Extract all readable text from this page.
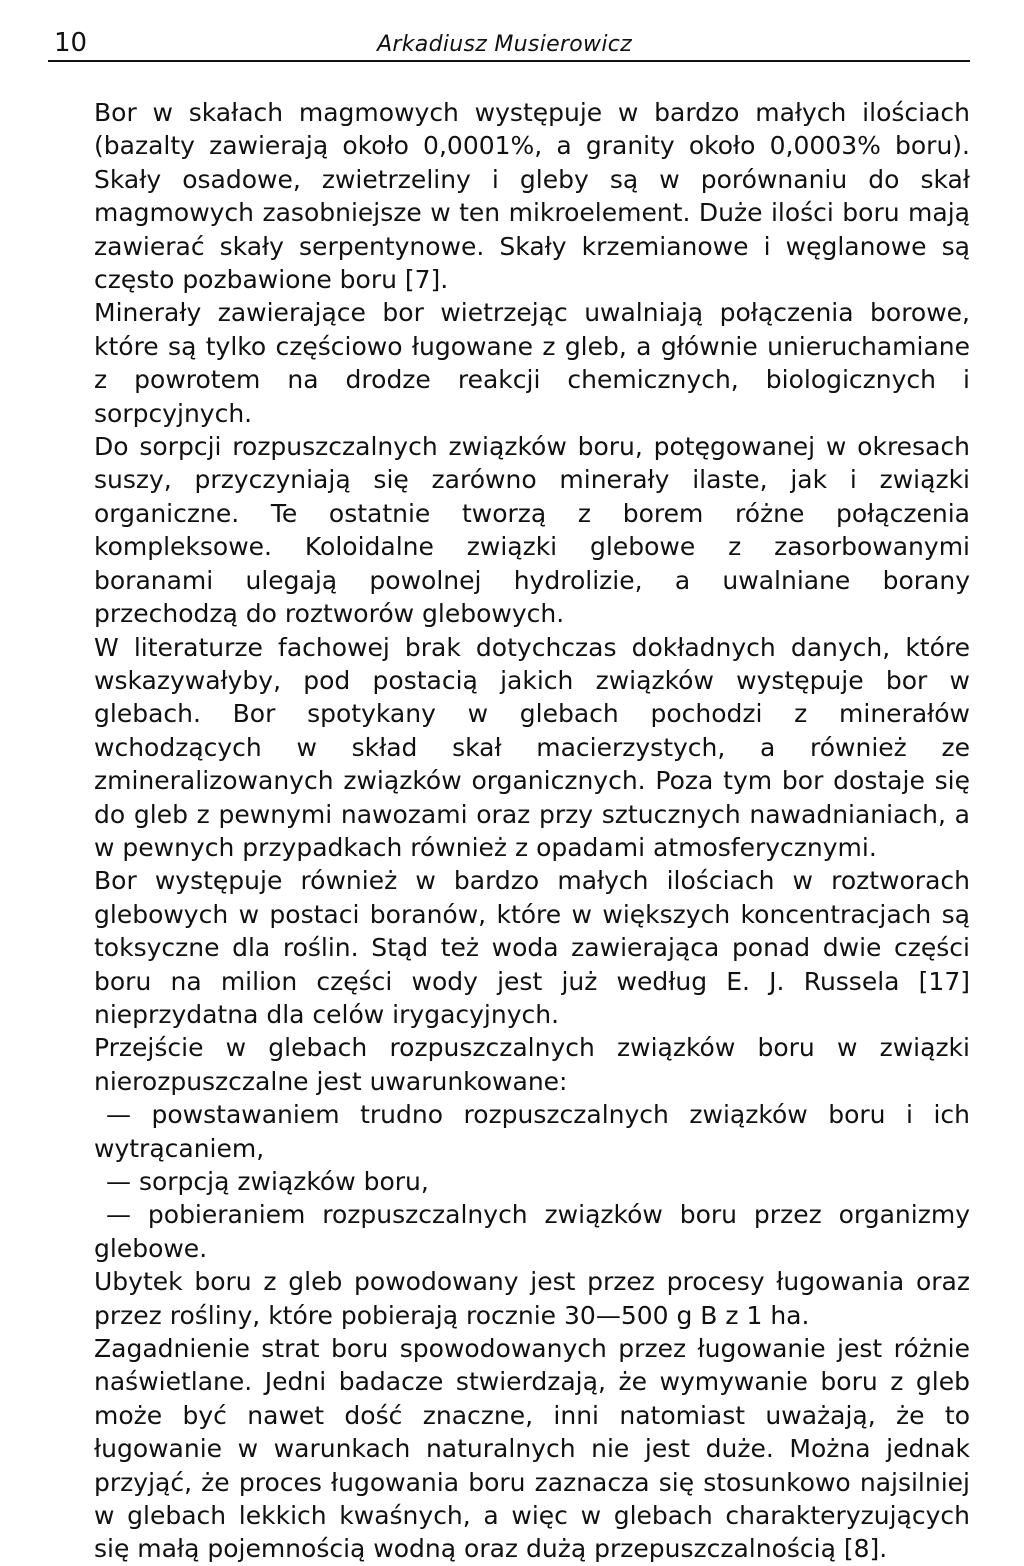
10	Arkadiusz Musierowicz

Bor w skałach magmowych występuje w bardzo małych ilościach (bazalty zawierają około 0,0001%, a granity około 0,0003% boru). Skały osadowe, zwietrzeliny i gleby są w porównaniu do skał magmowych zasobniejsze w ten mikroelement. Duże ilości boru mają zawierać skały serpentynowe. Skały krzemianowe i węglanowe są często pozbawione boru [7].

Minerały zawierające bor wietrzejąc uwalniają połączenia borowe, które są tylko częściowo ługowane z gleb, a głównie unieruchamiane z powrotem na drodze reakcji chemicznych, biologicznych i sorpcyjnych.

Do sorpcji rozpuszczalnych związków boru, potęgowanej w okresach suszy, przyczyniają się zarówno minerały ilaste, jak i związki organiczne. Te ostatnie tworzą z borem różne połączenia kompleksowe. Koloidalne związki glebowe z zasorbowanymi boranami ulegają powolnej hydrolizie, a uwalniane borany przechodzą do roztworów glebowych.

W literaturze fachowej brak dotychczas dokładnych danych, które wskazywałyby, pod postacią jakich związków występuje bor w glebach. Bor spotykany w glebach pochodzi z minerałów wchodzących w skład skał macierzystych, a również ze zmineralizowanych związków organicznych. Poza tym bor dostaje się do gleb z pewnymi nawozami oraz przy sztucznych nawadnianiach, a w pewnych przypadkach również z opadami atmosferycznymi.

Bor występuje również w bardzo małych ilościach w roztworach glebowych w postaci boranów, które w większych koncentracjach są toksyczne dla roślin. Stąd też woda zawierająca ponad dwie części boru na milion części wody jest już według E. J. Russela [17] nieprzydatna dla celów irygacyjnych.

Przejście w glebach rozpuszczalnych związków boru w związki nierozpuszczalne jest uwarunkowane:

— powstawaniem trudno rozpuszczalnych związków boru i ich wytrącaniem,

— sorpcją związków boru,

— pobieraniem rozpuszczalnych związków boru przez organizmy glebowe.

Ubytek boru z gleb powodowany jest przez procesy ługowania oraz przez rośliny, które pobierają rocznie 30—500 g B z 1 ha.

Zagadnienie strat boru spowodowanych przez ługowanie jest różnie naświetlane. Jedni badacze stwierdzają, że wymywanie boru z gleb może być nawet dość znaczne, inni natomiast uważają, że to ługowanie w warunkach naturalnych nie jest duże. Można jednak przyjąć, że proces ługowania boru zaznacza się stosunkowo najsilniej w glebach lekkich kwaśnych, a więc w glebach charakteryzujących się małą pojemnością wodną oraz dużą przepuszczalnością [8].
